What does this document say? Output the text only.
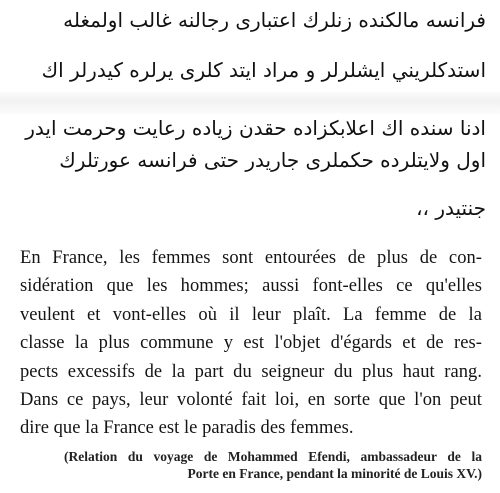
فرانسه مالكنده زنلرك اعتبارى رجالنه غالب اولمغله
استدكلريني ايشلرلر و مراد ايتد كلرى يرلره كيدرلر اك
ادنا سنده اك اعلابكزاده حقدن زياده رعايت وحرمت ايدر
اول ولايتلرده حكملرى جاريدر حتى فرانسه عورتلرك
جنتيدر ،،
En France, les femmes sont entourées de plus de con-
sidération que les hommes; aussi font-elles ce qu'elles
veulent et vont-elles où il leur plaît. La femme de la
classe la plus commune y est l'objet d'égards et de res-
pects excessifs de la part du seigneur du plus haut rang.
Dans ce pays, leur volonté fait loi, en sorte que l'on peut
dire que la France est le paradis des femmes.
(Relation du voyage de Mohammed Efendi, ambassadeur de la
Porte en France, pendant la minorité de Louis XV.)
